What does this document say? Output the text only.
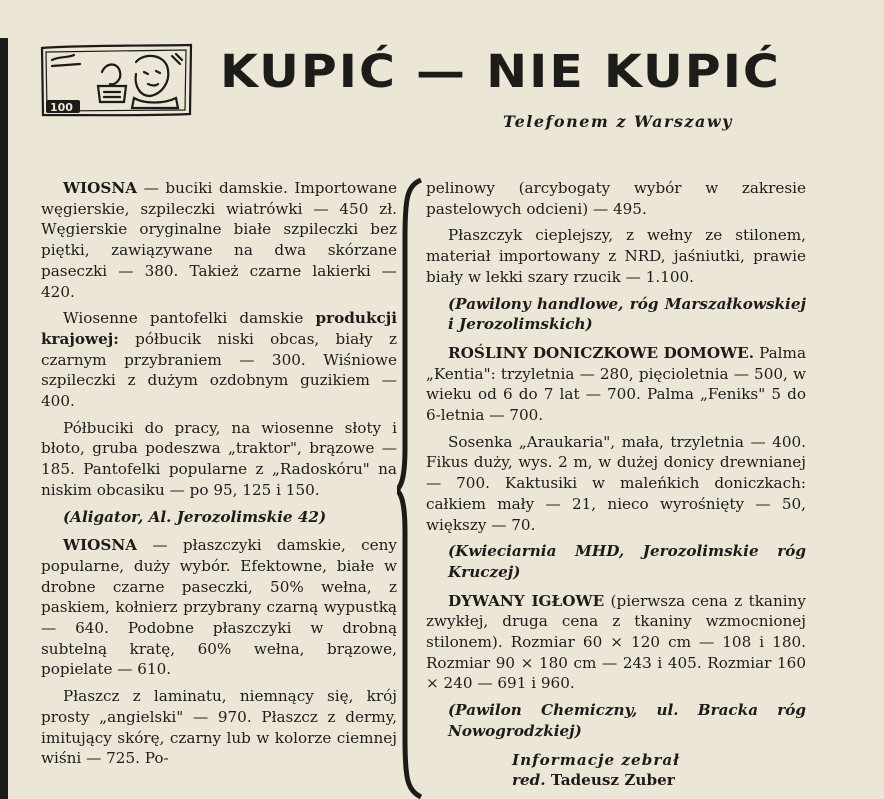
100
KUPIĆ — NIE KUPIĆ
Telefonem z Warszawy

WIOSNA — buciki damskie. Importowane węgierskie, szpileczki wiatrówki — 450 zł. Węgierskie oryginalne białe szpileczki bez piętki, zawiązywane na dwa skórzane paseczki — 380. Takież czarne lakierki — 420.

Wiosenne pantofelki damskie produkcji krajowej: półbucik niski obcas, biały z czarnym przybraniem — 300. Wiśniowe szpileczki z dużym ozdobnym guzikiem — 400.

Półbuciki do pracy, na wiosenne słoty i błoto, gruba podeszwa „traktor", brązowe — 185. Pantofelki popularne z „Radoskóru" na niskim obcasiku — po 95, 125 i 150.

(Aligator, Al. Jerozolimskie 42)

WIOSNA — płaszczyki damskie, ceny popularne, duży wybór. Efektowne, białe w drobne czarne paseczki, 50% wełna, z paskiem, kołnierz przybrany czarną wypustką — 640. Podobne płaszczyki w drobną subtelną kratę, 60% wełna, brązowe, popielate — 610.

Płaszcz z laminatu, niemnący się, krój prosty „angielski" — 970. Płaszcz z dermy, imitujący skórę, czarny lub w kolorze ciemnej wiśni — 725. Po-

pelinowy (arcybogaty wybór w zakresie pastelowych odcieni) — 495.

Płaszczyk cieplejszy, z wełny ze stilonem, materiał importowany z NRD, jaśniutki, prawie biały w lekki szary rzucik — 1.100.

(Pawilony handlowe, róg Marszałkowskiej i Jerozolimskich)

ROŚLINY DONICZKOWE DOMOWE. Palma „Kentia": trzyletnia — 280, pięcioletnia — 500, w wieku od 6 do 7 lat — 700. Palma „Feniks" 5 do 6-letnia — 700.

Sosenka „Araukaria", mała, trzyletnia — 400. Fikus duży, wys. 2 m, w dużej donicy drewnianej — 700. Kaktusiki w maleńkich doniczkach: całkiem mały — 21, nieco wyrośnięty — 50, większy — 70.

(Kwieciarnia MHD, Jerozolimskie róg Kruczej)

DYWANY IGŁOWE (pierwsza cena z tkaniny zwykłej, druga cena z tkaniny wzmocnionej stilonem). Rozmiar 60 × 120 cm — 108 i 180. Rozmiar 90 × 180 cm — 243 i 405. Rozmiar 160 × 240 — 691 i 960.

(Pawilon Chemiczny, ul. Bracka róg Nowogrodzkiej)

Informacje zebrał

red. Tadeusz Zuber
